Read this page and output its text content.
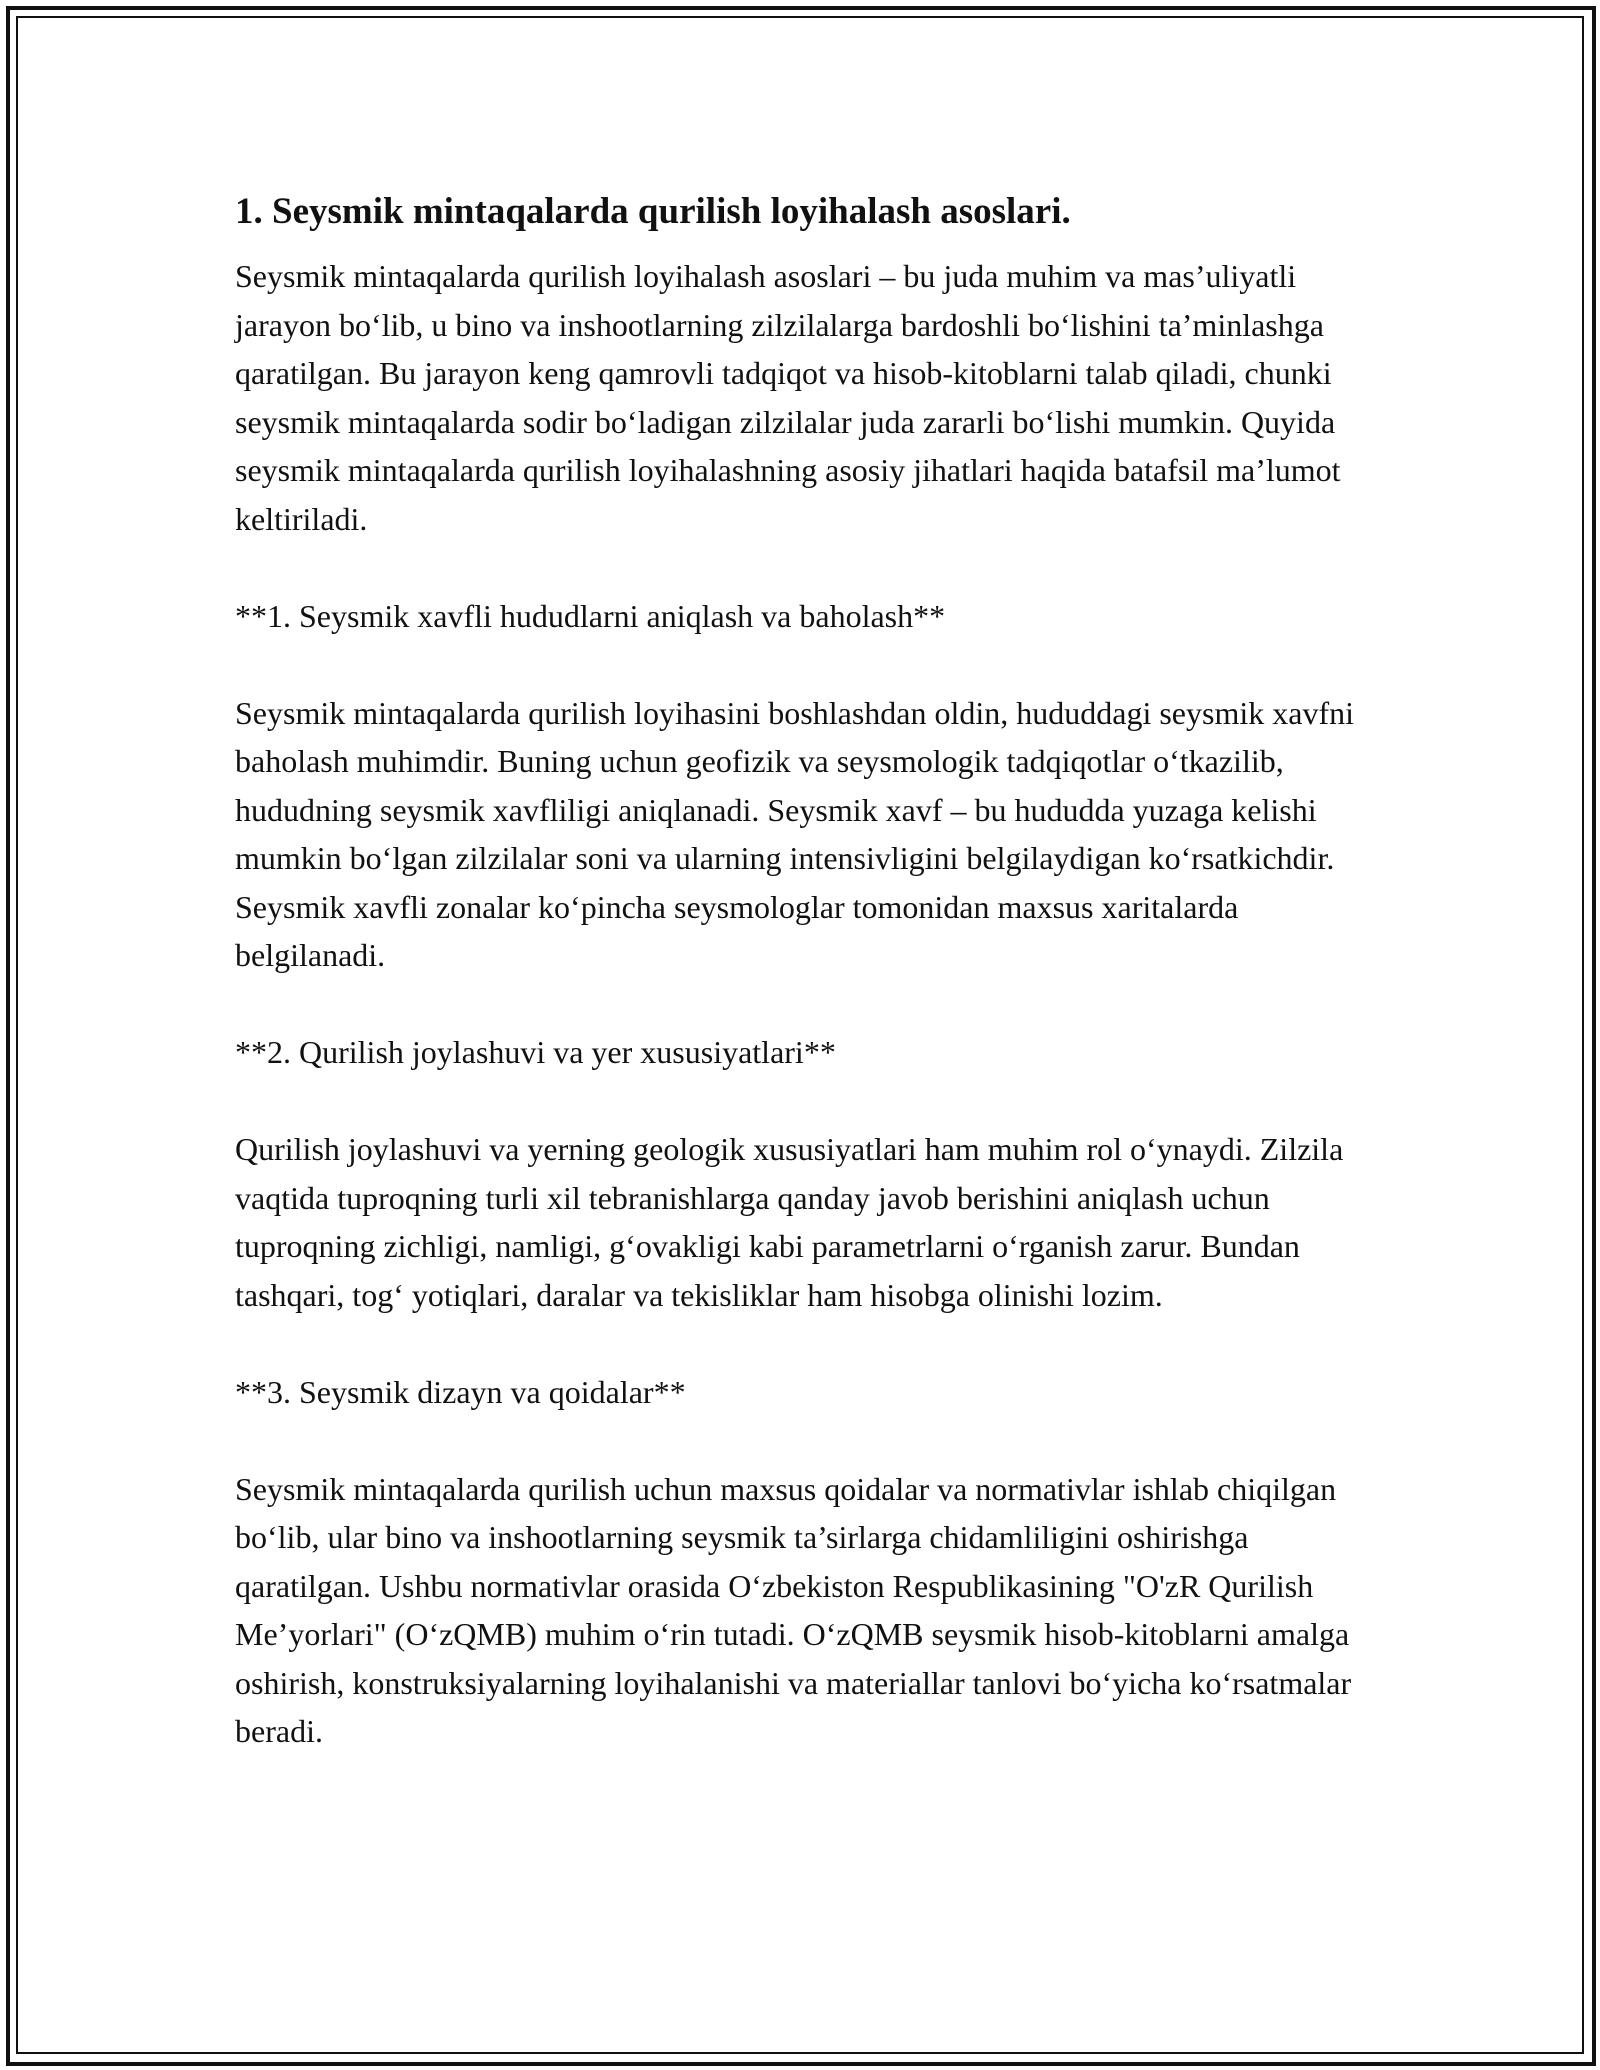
1. Seysmik mintaqalarda qurilish loyihalash asoslari.

Seysmik mintaqalarda qurilish loyihalash asoslari – bu juda muhim va mas’uliyatli jarayon bo‘lib, u bino va inshootlarning zilzilalarga bardoshli bo‘lishini ta’minlashga qaratilgan. Bu jarayon keng qamrovli tadqiqot va hisob-kitoblarni talab qiladi, chunki seysmik mintaqalarda sodir bo‘ladigan zilzilalar juda zararli bo‘lishi mumkin. Quyida seysmik mintaqalarda qurilish loyihalashning asosiy jihatlari haqida batafsil ma’lumot keltiriladi.

**1. Seysmik xavfli hududlarni aniqlash va baholash**

Seysmik mintaqalarda qurilish loyihasini boshlashdan oldin, hududdagi seysmik xavfni baholash muhimdir. Buning uchun geofizik va seysmologik tadqiqotlar o‘tkazilib, hududning seysmik xavfliligi aniqlanadi. Seysmik xavf – bu hududda yuzaga kelishi mumkin bo‘lgan zilzilalar soni va ularning intensivligini belgilaydigan ko‘rsatkichdir. Seysmik xavfli zonalar ko‘pincha seysmologlar tomonidan maxsus xaritalarda belgilanadi.

**2. Qurilish joylashuvi va yer xususiyatlari**

Qurilish joylashuvi va yerning geologik xususiyatlari ham muhim rol o‘ynaydi. Zilzila vaqtida tuproqning turli xil tebranishlarga qanday javob berishini aniqlash uchun tuproqning zichligi, namligi, g‘ovakligi kabi parametrlarni o‘rganish zarur. Bundan tashqari, tog‘ yotiqlari, daralar va tekisliklar ham hisobga olinishi lozim.

**3. Seysmik dizayn va qoidalar**

Seysmik mintaqalarda qurilish uchun maxsus qoidalar va normativlar ishlab chiqilgan bo‘lib, ular bino va inshootlarning seysmik ta’sirlarga chidamliligini oshirishga qaratilgan. Ushbu normativlar orasida O‘zbekiston Respublikasining "O'zR Qurilish Me’yorlari" (O‘zQMB) muhim o‘rin tutadi. O‘zQMB seysmik hisob-kitoblarni amalga oshirish, konstruksiyalarning loyihalanishi va materiallar tanlovi bo‘yicha ko‘rsatmalar beradi.
